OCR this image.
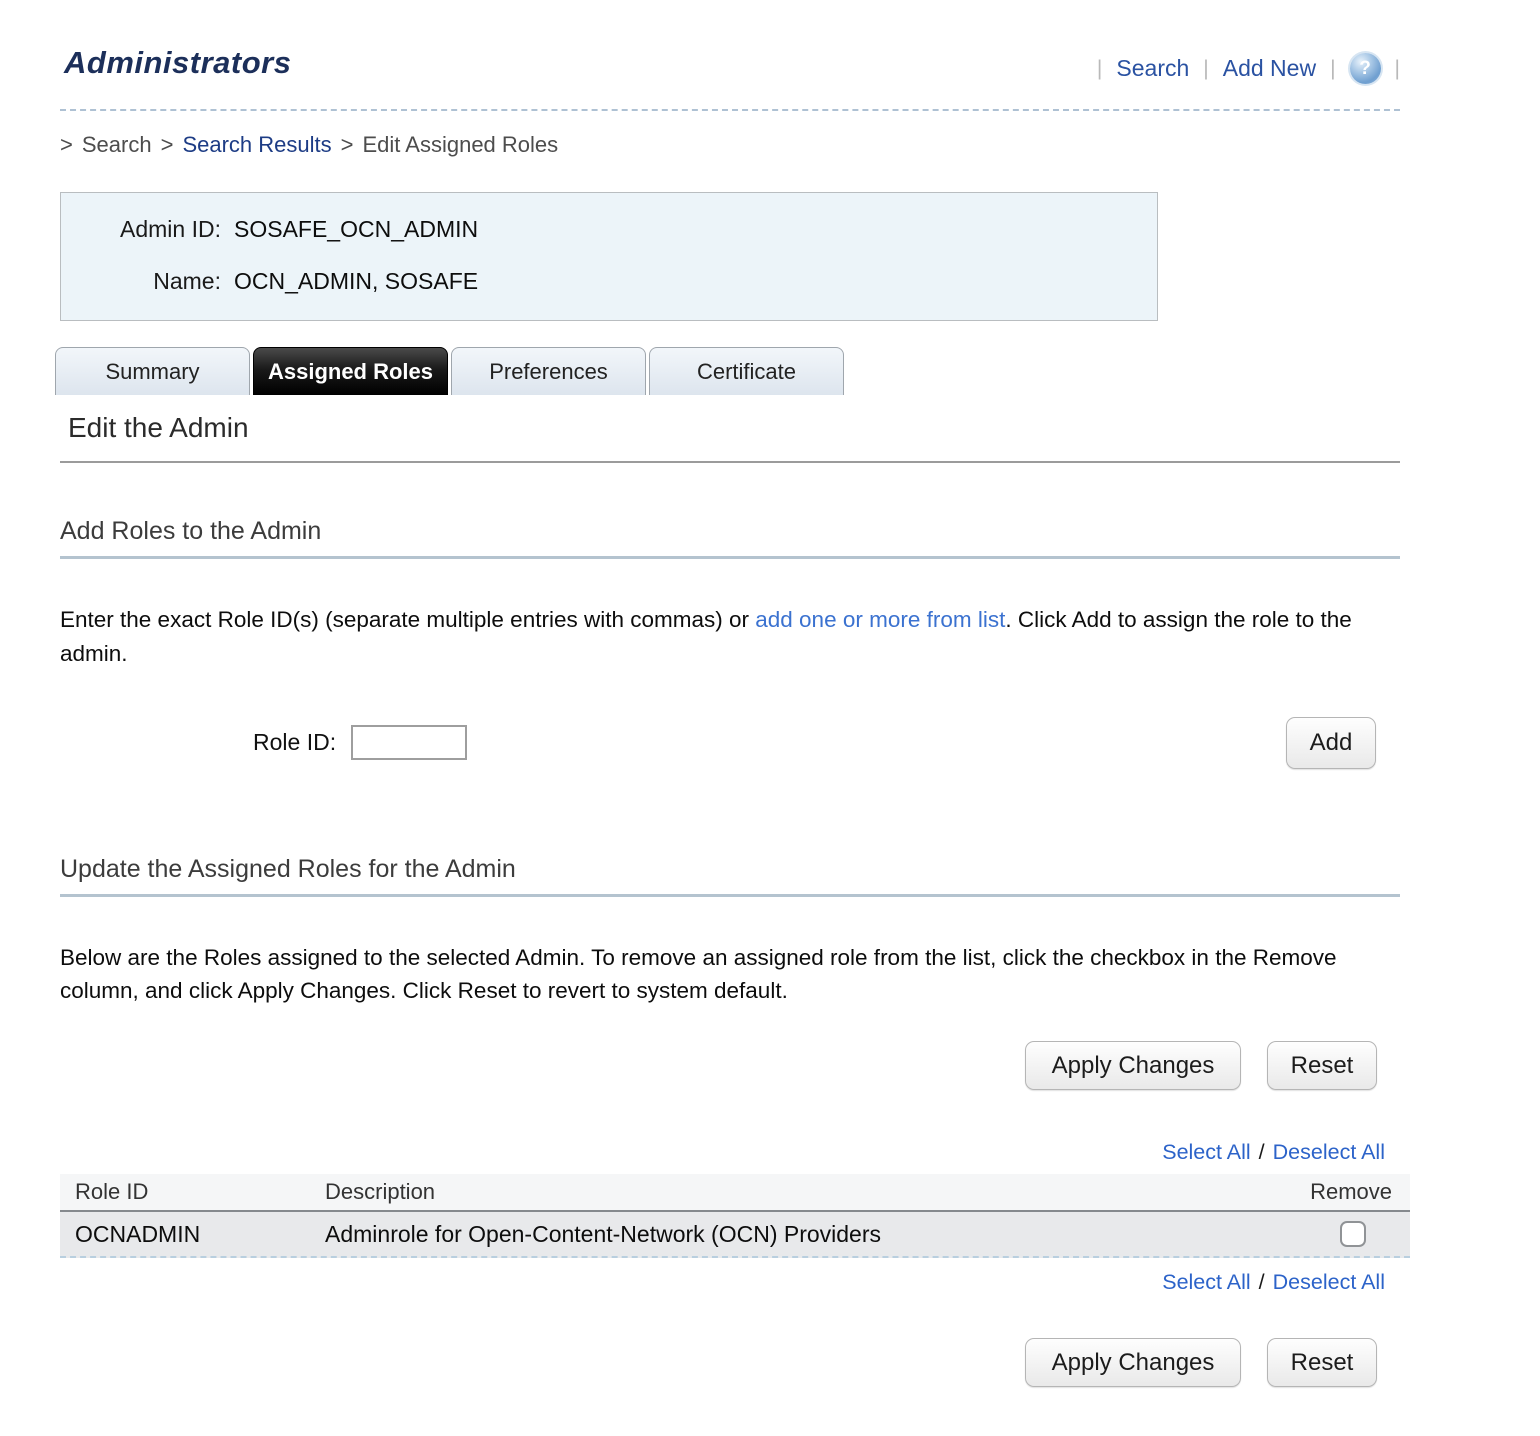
Administrators	| Search | Add New |	?	|
> Search > Search Results > Edit Assigned Roles
Admin ID: SOSAFE_OCN_ADMIN
Name: OCN_ADMIN, SOSAFE
Summary	Assigned Roles	Preferences	Certificate
Edit the Admin
Add Roles to the Admin

Enter the exact Role ID(s) (separate multiple entries with commas) or add one or more from list. Click Add to assign the role to the admin.

Role ID:	Add
Update the Assigned Roles for the Admin

Below are the Roles assigned to the selected Admin. To remove an assigned role from the list, click the checkbox in the Remove column, and click Apply Changes. Click Reset to revert to system default.

Apply Changes	Reset
Select All / Deselect All
Role ID	Description	Remove
OCNADMIN	Adminrole for Open-Content-Network (OCN) Providers
Select All / Deselect All
Apply Changes	Reset
